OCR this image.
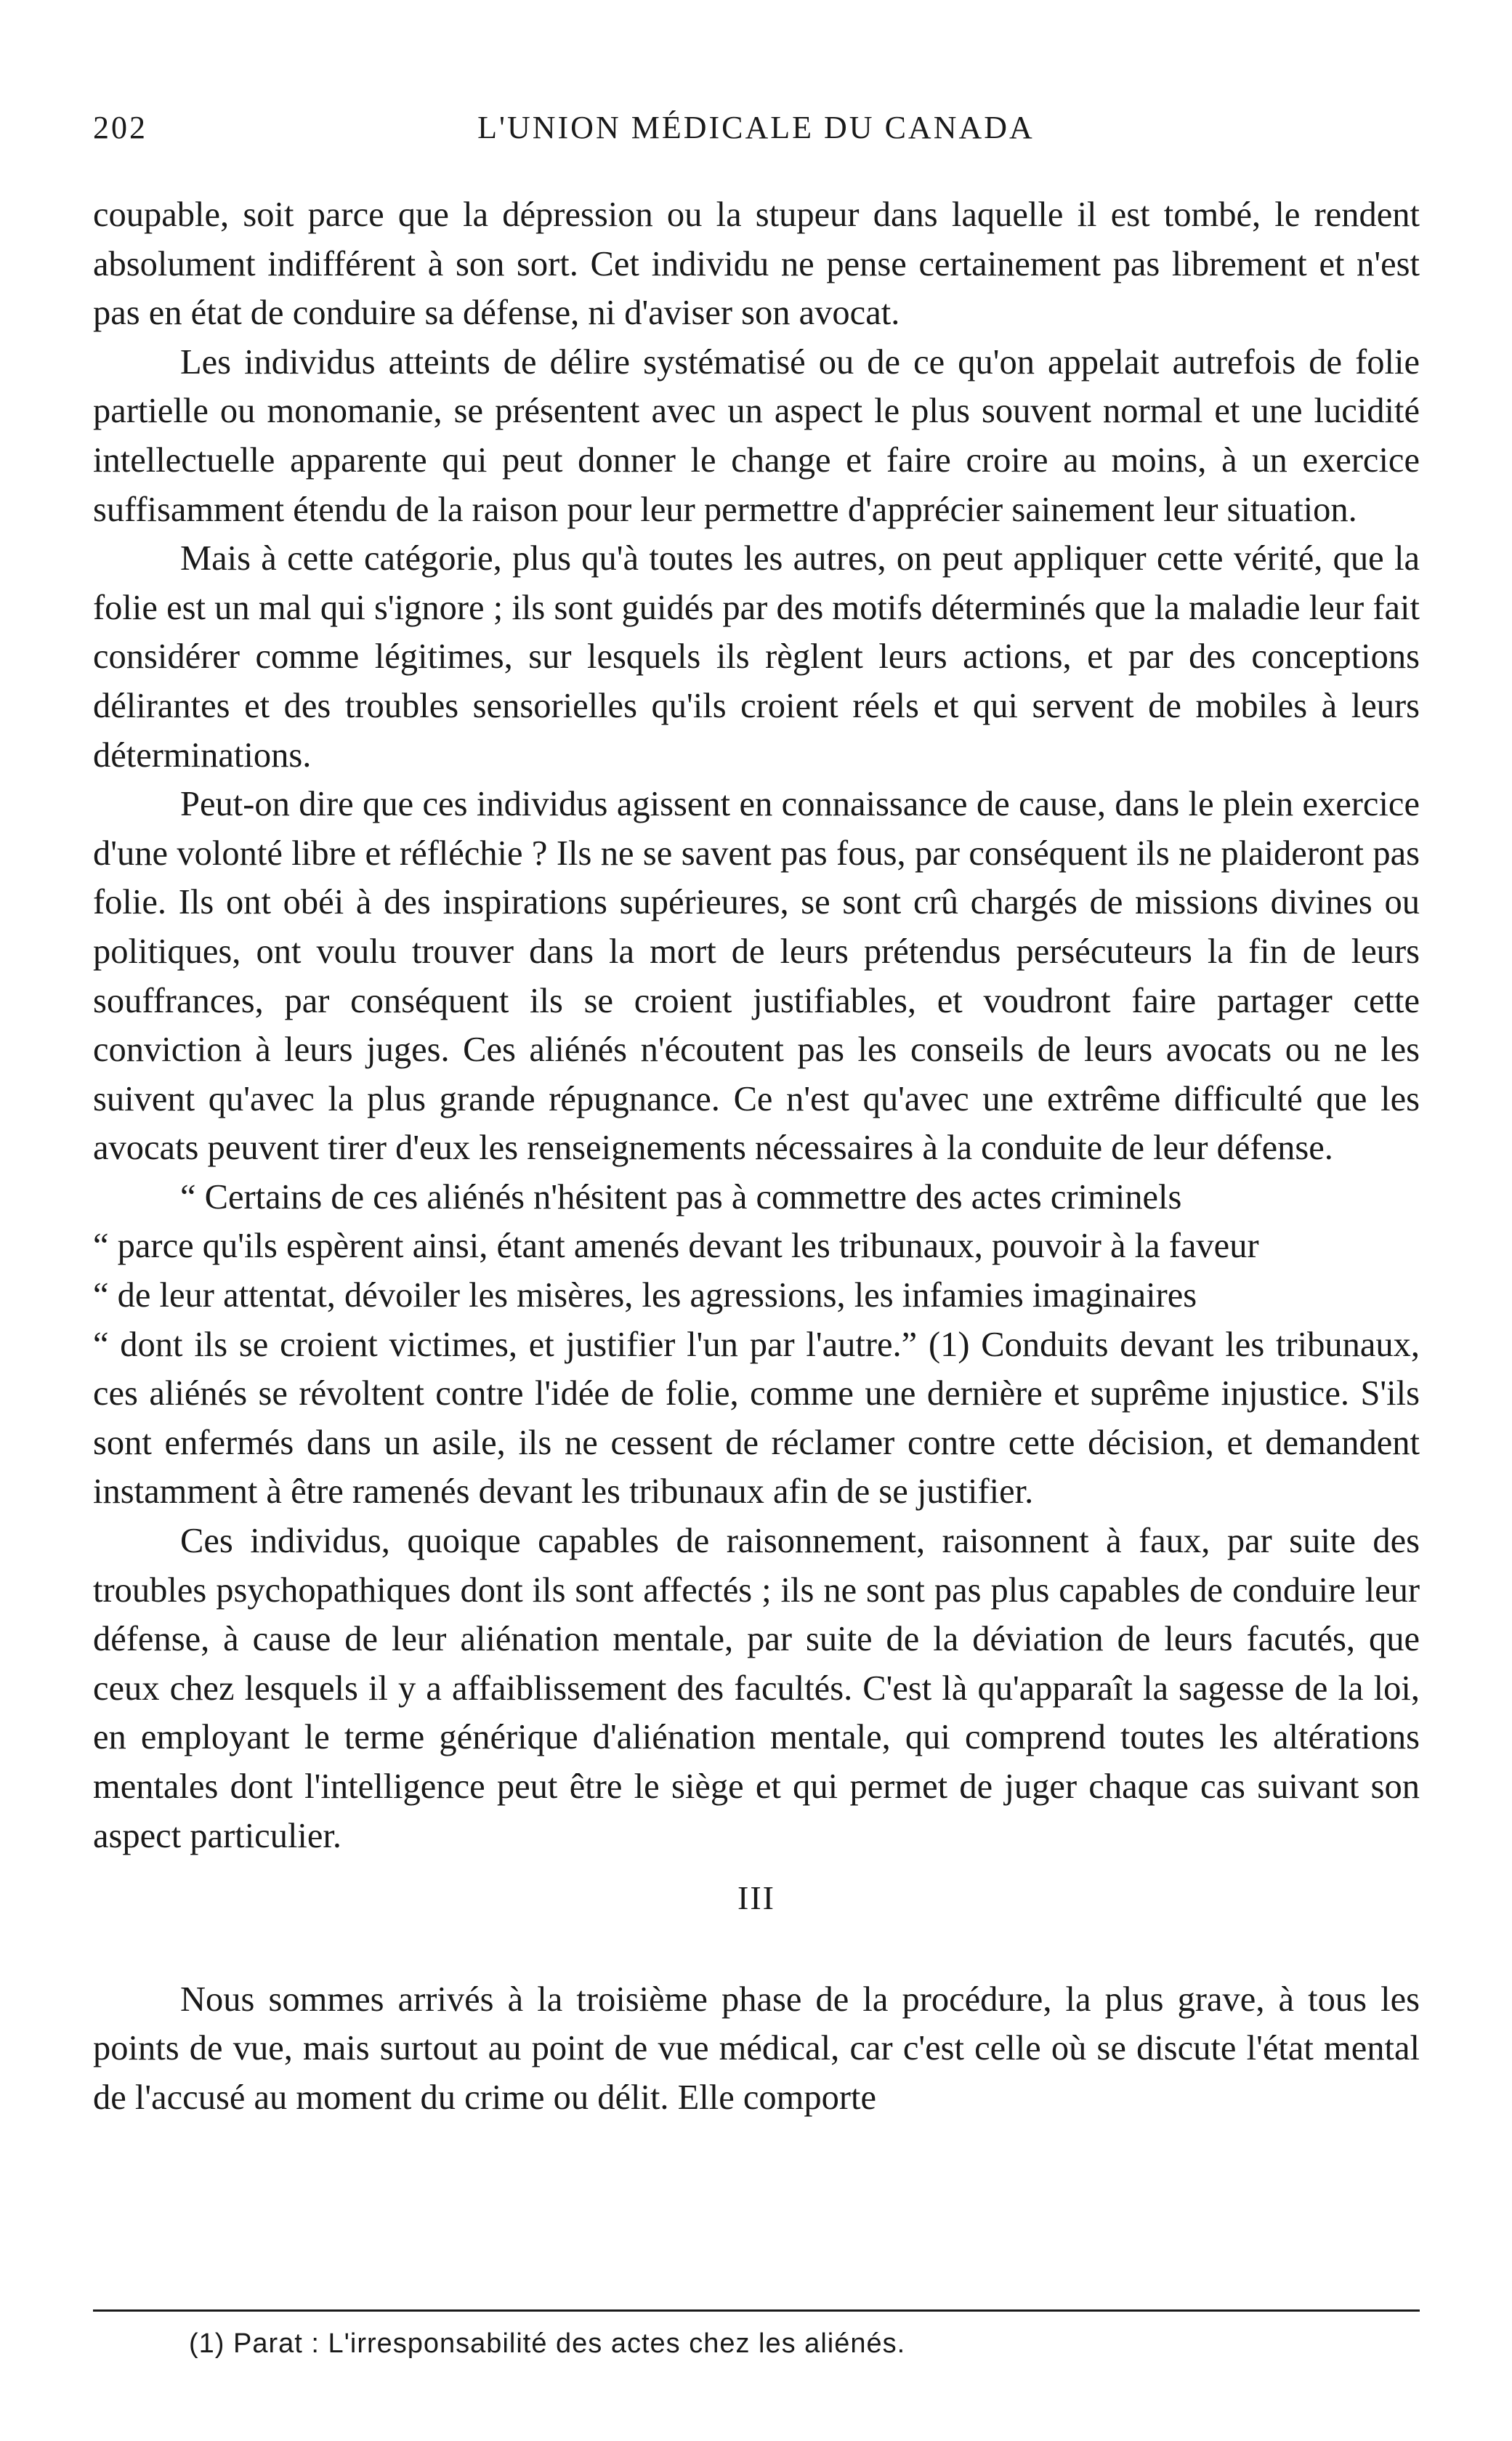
202	L'UNION MÉDICALE DU CANADA

coupable, soit parce que la dépression ou la stupeur dans laquelle il est tombé, le rendent absolument indifférent à son sort. Cet individu ne pense certainement pas librement et n'est pas en état de conduire sa défense, ni d'aviser son avocat.

Les individus atteints de délire systématisé ou de ce qu'on appelait autrefois de folie partielle ou monomanie, se présentent avec un aspect le plus souvent normal et une lucidité intellectuelle apparente qui peut donner le change et faire croire au moins, à un exercice suffisamment étendu de la raison pour leur permettre d'apprécier sainement leur situation.

Mais à cette catégorie, plus qu'à toutes les autres, on peut appliquer cette vérité, que la folie est un mal qui s'ignore ; ils sont guidés par des motifs déterminés que la maladie leur fait considérer comme légitimes, sur lesquels ils règlent leurs actions, et par des conceptions délirantes et des troubles sensorielles qu'ils croient réels et qui servent de mobiles à leurs déterminations.

Peut-on dire que ces individus agissent en connaissance de cause, dans le plein exercice d'une volonté libre et réfléchie ? Ils ne se savent pas fous, par conséquent ils ne plaideront pas folie. Ils ont obéi à des inspirations supérieures, se sont crû chargés de missions divines ou politiques, ont voulu trouver dans la mort de leurs prétendus persécuteurs la fin de leurs souffrances, par conséquent ils se croient justifiables, et voudront faire partager cette conviction à leurs juges. Ces aliénés n'écoutent pas les conseils de leurs avocats ou ne les suivent qu'avec la plus grande répugnance. Ce n'est qu'avec une extrême difficulté que les avocats peuvent tirer d'eux les renseignements nécessaires à la conduite de leur défense.

“ Certains de ces aliénés n'hésitent pas à commettre des actes criminels

“ parce qu'ils espèrent ainsi, étant amenés devant les tribunaux, pouvoir à la faveur

“ de leur attentat, dévoiler les misères, les agressions, les infamies imaginaires

“ dont ils se croient victimes, et justifier l'un par l'autre.” (1) Conduits devant les tribunaux, ces aliénés se révoltent contre l'idée de folie, comme une dernière et suprême injustice. S'ils sont enfermés dans un asile, ils ne cessent de réclamer contre cette décision, et demandent instamment à être ramenés devant les tribunaux afin de se justifier.

Ces individus, quoique capables de raisonnement, raisonnent à faux, par suite des troubles psychopathiques dont ils sont affectés ; ils ne sont pas plus capables de conduire leur défense, à cause de leur aliénation mentale, par suite de la déviation de leurs facutés, que ceux chez lesquels il y a affaiblissement des facultés. C'est là qu'apparaît la sagesse de la loi, en employant le terme générique d'aliénation mentale, qui comprend toutes les altérations mentales dont l'intelligence peut être le siège et qui permet de juger chaque cas suivant son aspect particulier.

III

Nous sommes arrivés à la troisième phase de la procédure, la plus grave, à tous les points de vue, mais surtout au point de vue médical, car c'est celle où se discute l'état mental de l'accusé au moment du crime ou délit. Elle comporte

(1) Parat : L'irresponsabilité des actes chez les aliénés.
